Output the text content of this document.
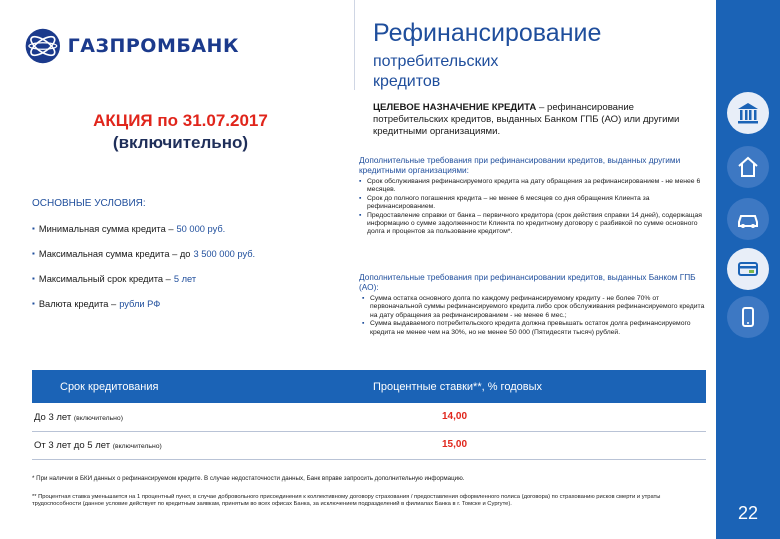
ГАЗПРОМБАНК	Рефинансирование
потребительских кредитов
АКЦИЯ по 31.07.2017
(включительно)
ОСНОВНЫЕ УСЛОВИЯ:
▪ Минимальная сумма кредита – 50 000 руб.
▪ Максимальная сумма кредита – до 3 500 000 руб.
▪ Максимальный срок кредита – 5 лет
▪ Валюта кредита – рубли РФ
ЦЕЛЕВОЕ НАЗНАЧЕНИЕ КРЕДИТА – рефинансирование потребительских кредитов, выданных Банком ГПБ (АО) или другими кредитными организациями.
Дополнительные требования при рефинансировании кредитов, выданных другими кредитными организациями:
▪ Срок обслуживания рефинансируемого кредита на дату обращения за рефинансированием - не менее 6 месяцев.
▪ Срок до полного погашения кредита – не менее 6 месяцев со дня обращения Клиента за рефинансированием.
▪ Предоставление справки от банка – первичного кредитора (срок действия справки 14 дней), содержащая информацию о сумме задолженности Клиента по кредитному договору с разбивкой по сумме основного долга и процентов за пользование кредитом*.
Дополнительные требования при рефинансировании кредитов, выданных Банком ГПБ (АО):
▪ Сумма остатка основного долга по каждому рефинансируемому кредиту - не более 70% от первоначальной суммы рефинансируемого кредита либо срок обслуживания рефинансируемого кредита на дату обращения за рефинансированием - не менее 6 мес.;
▪ Сумма выдаваемого потребительского кредита должна превышать остаток долга рефинансируемого кредита не менее чем на 30%, но не менее 50 000 (Пятидесяти тысяч) рублей.
22
Срок кредитования	Процентные ставки**, % годовых
До 3 лет (включительно)	14,00
От 3 лет до 5 лет (включительно)	15,00
* При наличии в БКИ данных о рефинансируемом кредите. В случае недостаточности данных, Банк вправе запросить дополнительную информацию.
** Процентная ставка уменьшается на 1 процентный пункт, в случае добровольного присоединения к коллективному договору страхования / предоставления оформленного полиса (договора) по страхованию рисков смерти и утраты трудоспособности (данное условие действует по кредитным заявкам, принятым во всех офисах Банка, за исключением подразделений в филиалах Банка в г. Томске и Сургуте).
